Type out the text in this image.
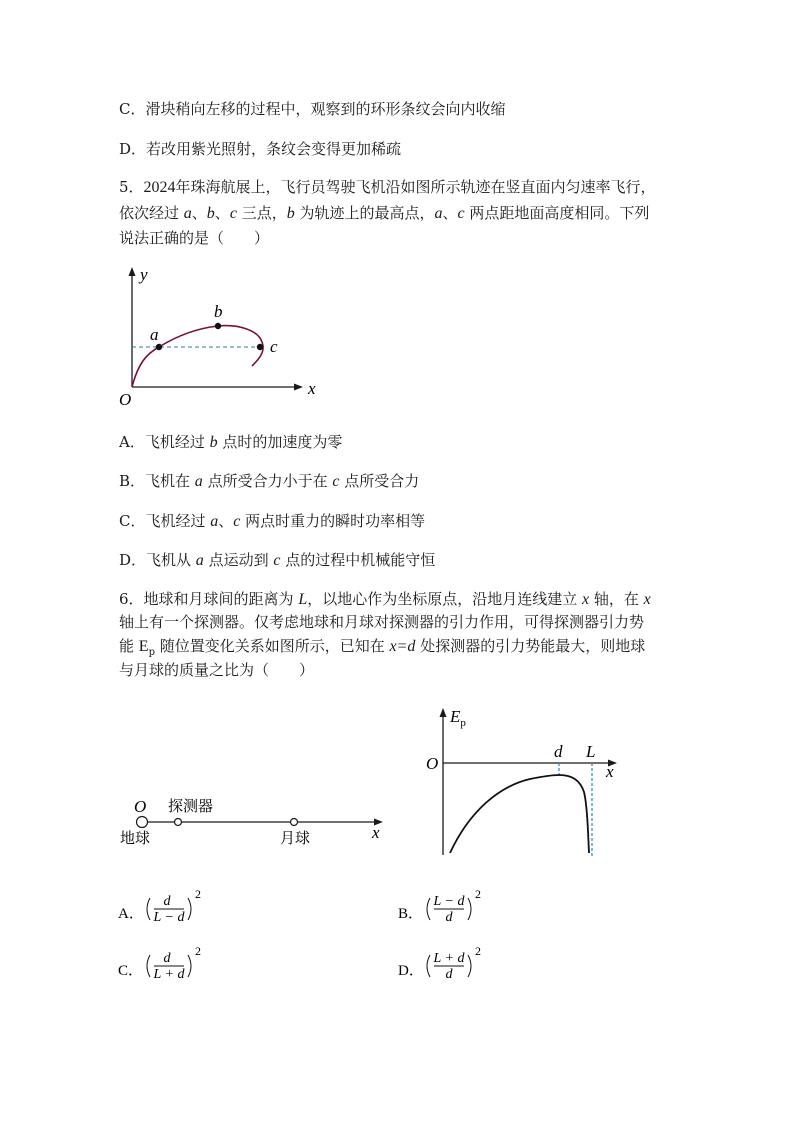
C．滑块稍向左移的过程中，观察到的环形条纹会向内收缩
D．若改用紫光照射，条纹会变得更加稀疏
5．2024年珠海航展上，飞行员驾驶飞机沿如图所示轨迹在竖直面内匀速率飞行，
依次经过 a、b、c 三点，b 为轨迹上的最高点，a、c 两点距地面高度相同。下列
说法正确的是（　　）
y
x
O
a
b
c
A．飞机经过 b 点时的加速度为零
B．飞机在 a 点所受合力小于在 c 点所受合力
C．飞机经过 a、c 两点时重力的瞬时功率相等
D．飞机从 a 点运动到 c 点的过程中机械能守恒
6．地球和月球间的距离为 L，以地心作为坐标原点，沿地月连线建立 x 轴，在 x
轴上有一个探测器。仅考虑地球和月球对探测器的引力作用，可得探测器引力势
能 $E_p$ 随位置变化关系如图所示，已知在 x=d 处探测器的引力势能最大，则地球
与月球的质量之比为（　　）
O 探测器
地球	月球	x
$E_p$
O
d L
x
A．
d
L − d
2
B．
L − d
d
2
C．
d
L + d
2
D．
L + d
d
2
